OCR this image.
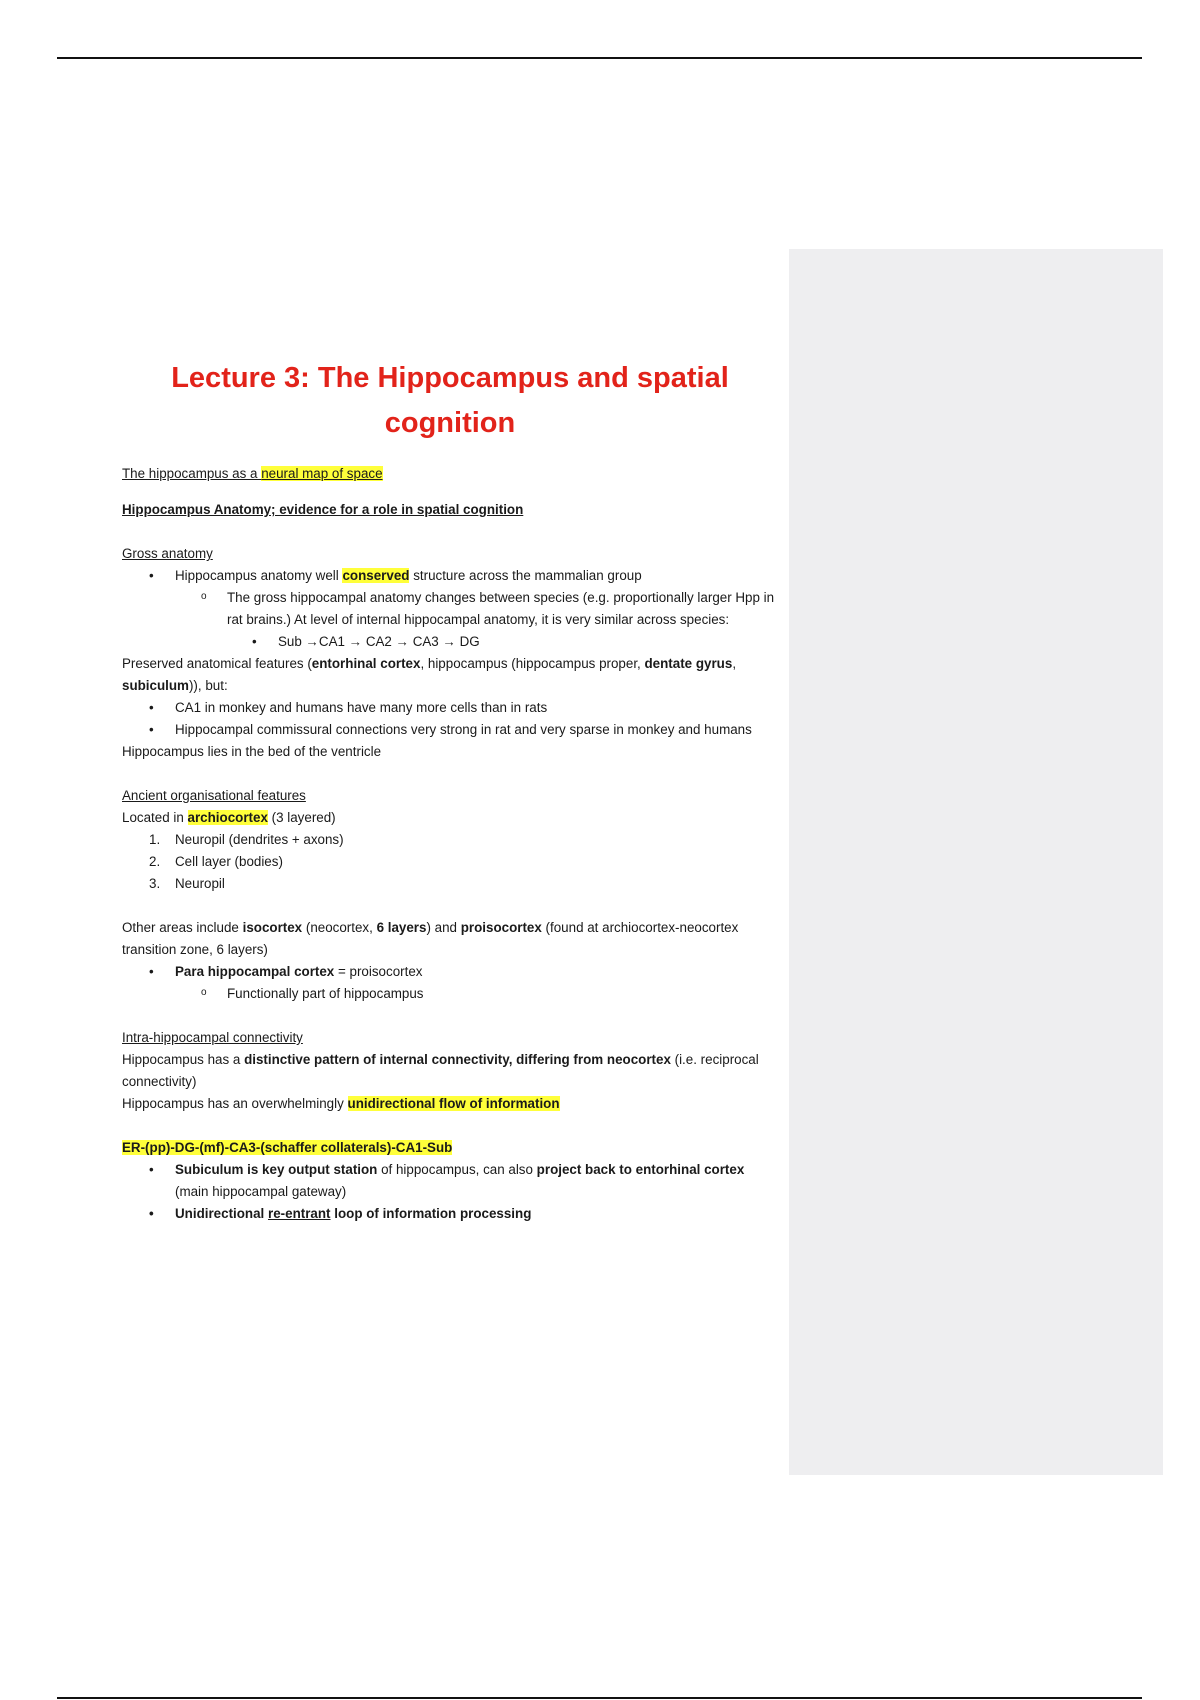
Lecture 3: The Hippocampus and spatial cognition

The hippocampus as a neural map of space

Hippocampus Anatomy; evidence for a role in spatial cognition

Gross anatomy

• Hippocampus anatomy well conserved structure across the mammalian group
o The gross hippocampal anatomy changes between species (e.g. proportionally larger Hpp in rat brains.) At level of internal hippocampal anatomy, it is very similar across species:
• Sub →CA1 → CA2 → CA3 → DG

Preserved anatomical features (entorhinal cortex, hippocampus (hippocampus proper, dentate gyrus, subiculum)), but:

• CA1 in monkey and humans have many more cells than in rats
• Hippocampal commissural connections very strong in rat and very sparse in monkey and humans

Hippocampus lies in the bed of the ventricle

Ancient organisational features

Located in archiocortex (3 layered)

1. Neuropil (dendrites + axons)
2. Cell layer (bodies)
3. Neuropil

Other areas include isocortex (neocortex, 6 layers) and proisocortex (found at archiocortex-neocortex transition zone, 6 layers)

• Para hippocampal cortex = proisocortex
o Functionally part of hippocampus

Intra-hippocampal connectivity

Hippocampus has a distinctive pattern of internal connectivity, differing from neocortex (i.e. reciprocal connectivity)

Hippocampus has an overwhelmingly unidirectional flow of information

ER-(pp)-DG-(mf)-CA3-(schaffer collaterals)-CA1-Sub

• Subiculum is key output station of hippocampus, can also project back to entorhinal cortex (main hippocampal gateway)
• Unidirectional re-entrant loop of information processing
